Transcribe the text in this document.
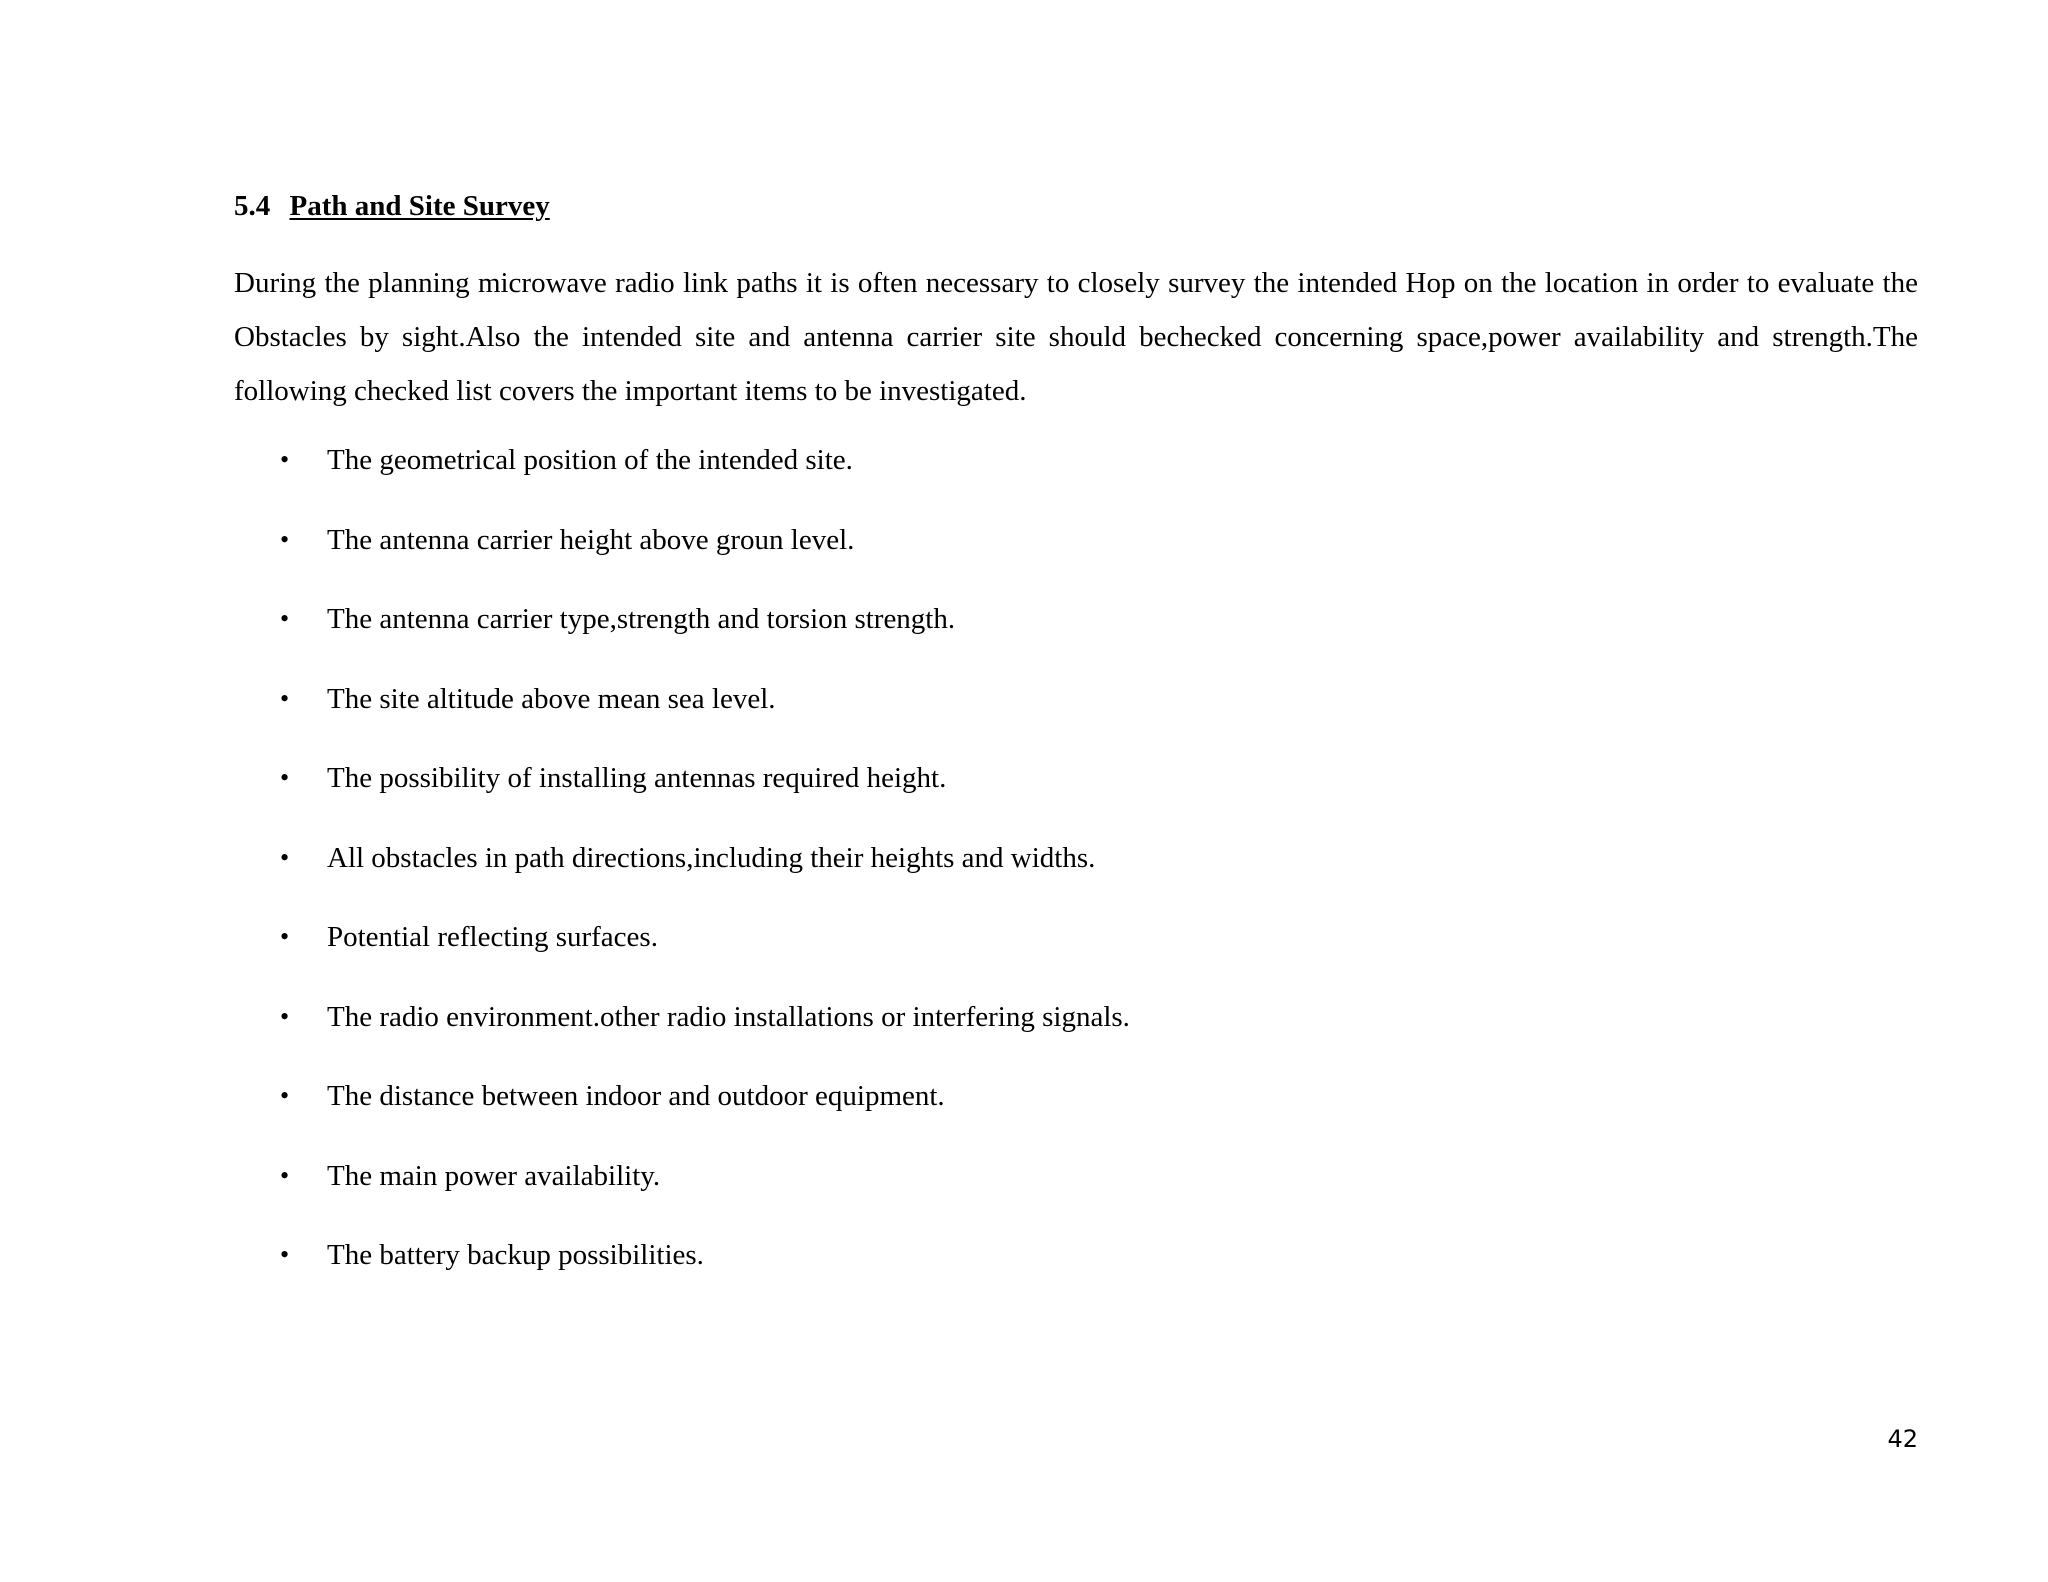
5.4 Path and Site Survey

During the planning microwave radio link paths it is often necessary to closely survey the intended Hop on the location in order to evaluate the Obstacles by sight.Also the intended site and antenna carrier site should bechecked concerning space,power availability and strength.The following checked list covers the important items to be investigated.

• The geometrical position of the intended site.
• The antenna carrier height above groun level.
• The antenna carrier type,strength and torsion strength.
• The site altitude above mean sea level.
• The possibility of installing antennas required height.
• All obstacles in path directions,including their heights and widths.
• Potential reflecting surfaces.
• The radio environment.other radio installations or interfering signals.
• The distance between indoor and outdoor equipment.
• The main power availability.
• The battery backup possibilities.
42
